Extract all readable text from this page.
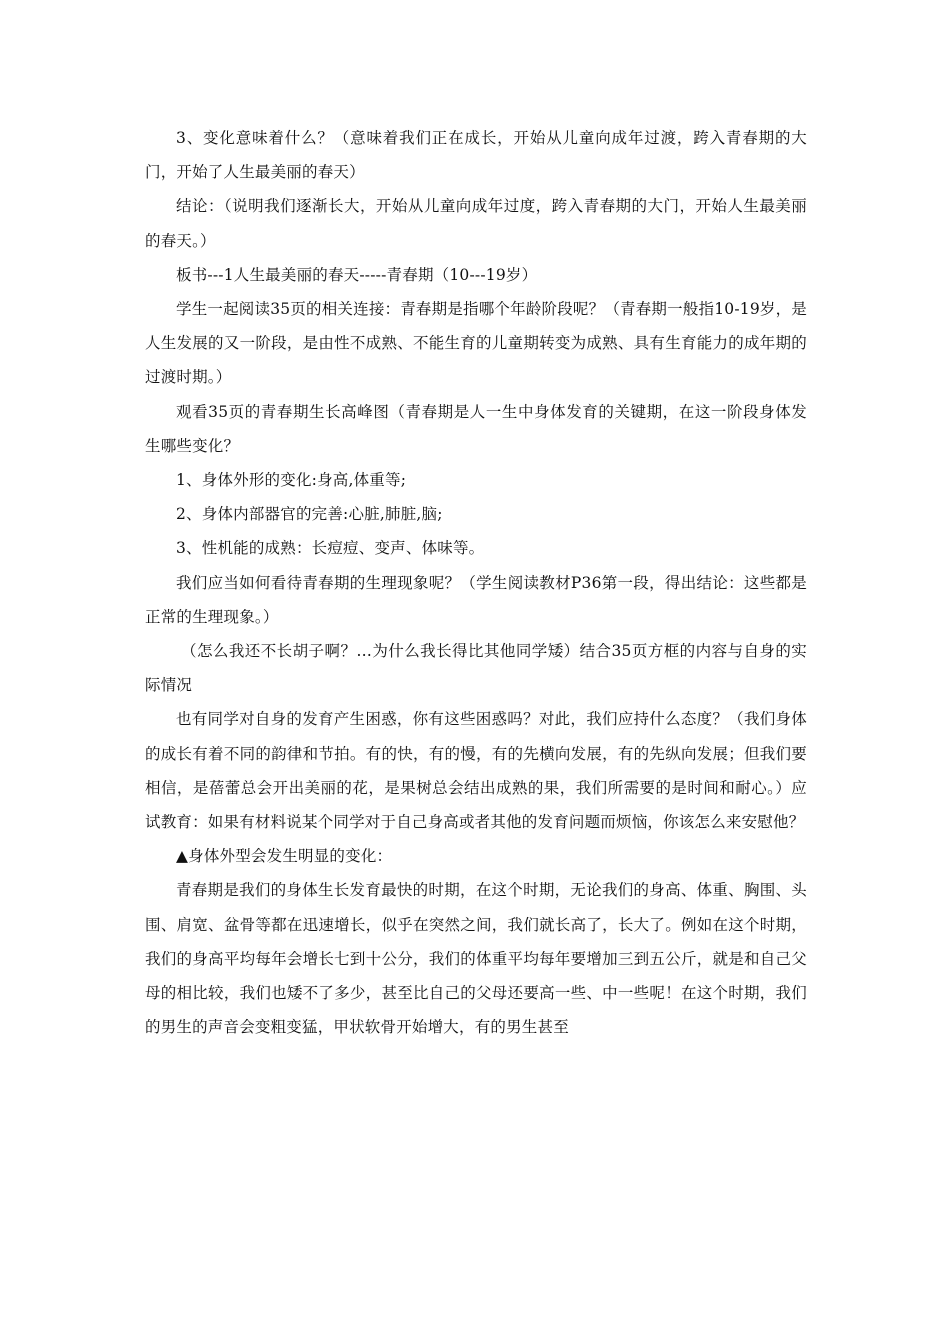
3、变化意味着什么？（意味着我们正在成长，开始从儿童向成年过渡，跨入青春期的大门，开始了人生最美丽的春天）

结论：（说明我们逐渐长大，开始从儿童向成年过度，跨入青春期的大门，开始人生最美丽的春天。）

板书---1人生最美丽的春天-----青春期（10---19岁）

学生一起阅读35页的相关连接：青春期是指哪个年龄阶段呢？（青春期一般指10-19岁，是人生发展的又一阶段，是由性不成熟、不能生育的儿童期转变为成熟、具有生育能力的成年期的过渡时期。）

观看35页的青春期生长高峰图（青春期是人一生中身体发育的关键期，在这一阶段身体发生哪些变化？

1、身体外形的变化:身高,体重等;

2、身体内部器官的完善:心脏,肺脏,脑;

3、性机能的成熟：长痘痘、变声、体味等。

我们应当如何看待青春期的生理现象呢？（学生阅读教材P36第一段，得出结论：这些都是正常的生理现象。）

（怎么我还不长胡子啊？…为什么我长得比其他同学矮）结合35页方框的内容与自身的实际情况

也有同学对自身的发育产生困惑，你有这些困惑吗？对此，我们应持什么态度？（我们身体的成长有着不同的韵律和节拍。有的快，有的慢，有的先横向发展，有的先纵向发展；但我们要相信，是蓓蕾总会开出美丽的花，是果树总会结出成熟的果，我们所需要的是时间和耐心。）应试教育：如果有材料说某个同学对于自己身高或者其他的发育问题而烦恼，你该怎么来安慰他？

▲身体外型会发生明显的变化：

青春期是我们的身体生长发育最快的时期，在这个时期，无论我们的身高、体重、胸围、头围、肩宽、盆骨等都在迅速增长，似乎在突然之间，我们就长高了，长大了。例如在这个时期，我们的身高平均每年会增长七到十公分，我们的体重平均每年要增加三到五公斤，就是和自己父母的相比较，我们也矮不了多少，甚至比自己的父母还要高一些、中一些呢！在这个时期，我们的男生的声音会变粗变猛，甲状软骨开始增大，有的男生甚至
